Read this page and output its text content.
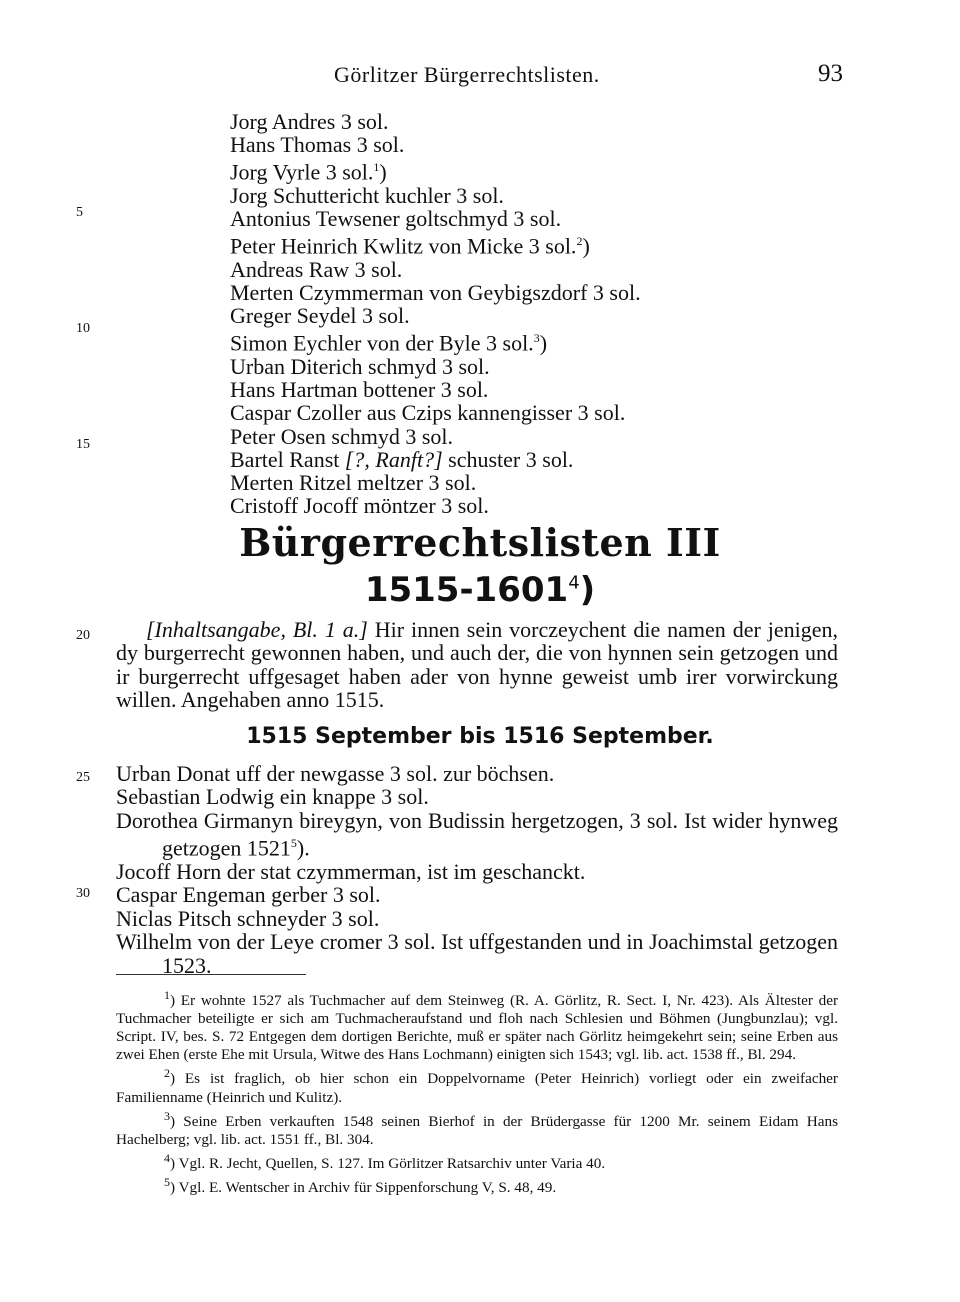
Görlitzer Bürgerrechtslisten.	93
5
10
15
20
25
30
Jorg Andres 3 sol.
Hans Thomas 3 sol.
Jorg Vyrle 3 sol.$^1$)
Jorg Schuttericht kuchler 3 sol.
Antonius Tewsener goltschmyd 3 sol.
Peter Heinrich Kwlitz von Micke 3 sol.$^2$)
Andreas Raw 3 sol.
Merten Czymmerman von Geybigszdorf 3 sol.
Greger Seydel 3 sol.
Simon Eychler von der Byle 3 sol.$^3$)
Urban Diterich schmyd 3 sol.
Hans Hartman bottener 3 sol.
Caspar Czoller aus Czips kannengisser 3 sol.
Peter Osen schmyd 3 sol.
Bartel Ranst [?, Ranft?] schuster 3 sol.
Merten Ritzel meltzer 3 sol.
Cristoff Jocoff möntzer 3 sol.
Bürgerrechtslisten III
1515-1601$^4$)
[Inhaltsangabe, Bl. 1 a.] Hir innen sein vorczeychent die namen der jenigen, dy burgerrecht gewonnen haben, und auch der, die von hynnen sein getzogen und ir burgerrecht uffgesaget haben ader von hynne geweist umb irer vorwirckung willen. Angehaben anno 1515.
1515 September bis 1516 September.
Urban Donat uff der newgasse 3 sol. zur böchsen.
Sebastian Lodwig ein knappe 3 sol.
Dorothea Girmanyn bireygyn, von Budissin hergetzogen, 3 sol. Ist wider hynweg getzogen 1521$^5$).
Jocoff Horn der stat czymmerman, ist im geschanckt.
Caspar Engeman gerber 3 sol.
Niclas Pitsch schneyder 3 sol.
Wilhelm von der Leye cromer 3 sol. Ist uffgestanden und in Joachimstal getzogen 1523.
$^1$) Er wohnte 1527 als Tuchmacher auf dem Steinweg (R. A. Görlitz, R. Sect. I, Nr. 423). Als Ältester der Tuchmacher beteiligte er sich am Tuchmacheraufstand und floh nach Schlesien und Böhmen (Jungbunzlau); vgl. Script. IV, bes. S. 72 Entgegen dem dortigen Berichte, muß er später nach Görlitz heimgekehrt sein; seine Erben aus zwei Ehen (erste Ehe mit Ursula, Witwe des Hans Lochmann) einigten sich 1543; vgl. lib. act. 1538 ff., Bl. 294.
$^2$) Es ist fraglich, ob hier schon ein Doppelvorname (Peter Heinrich) vorliegt oder ein zweifacher Familienname (Heinrich und Kulitz).
$^3$) Seine Erben verkauften 1548 seinen Bierhof in der Brüdergasse für 1200 Mr. seinem Eidam Hans Hachelberg; vgl. lib. act. 1551 ff., Bl. 304.
$^4$) Vgl. R. Jecht, Quellen, S. 127. Im Görlitzer Ratsarchiv unter Varia 40.
$^5$) Vgl. E. Wentscher in Archiv für Sippenforschung V, S. 48, 49.
